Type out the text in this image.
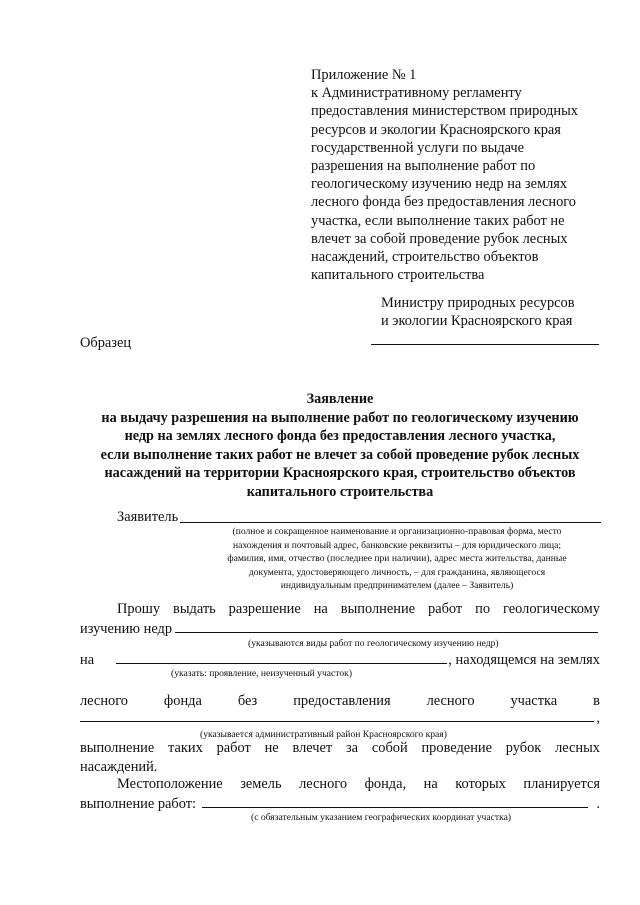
Приложение № 1
к Административному регламенту
предоставления министерством природных
ресурсов и экологии Красноярского края
государственной услуги по выдаче
разрешения на выполнение работ по
геологическому изучению недр на землях
лесного фонда без предоставления лесного
участка, если выполнение таких работ не
влечет за собой проведение рубок лесных
насаждений, строительство объектов
капитального строительства
Министру природных ресурсов
и экологии Красноярского края
Образец
Заявление
на выдачу разрешения на выполнение работ по геологическому изучению
недр на землях лесного фонда без предоставления лесного участка,
если выполнение таких работ не влечет за собой проведение рубок лесных
насаждений на территории Красноярского края, строительство объектов
капитального строительства
Заявитель
(полное и сокращенное наименование и организационно-правовая форма, место
нахождения и почтовый адрес, банковские реквизиты – для юридического лица;
фамилия, имя, отчество (последнее при наличии), адрес места жительства, данные
документа, удостоверяющего личность, – для гражданина, являющегося
индивидуальным предпринимателем (далее – Заявитель)
Прошу выдать разрешение на выполнение работ по геологическому
изучению недр
(указываются виды работ по геологическому изучению недр)
на	, находящемся на землях
(указать: проявление, неизученный участок)
лесного фонда без предоставления лесного участка в
,
(указывается административный район Красноярского края)
выполнение таких работ не влечет за собой проведение рубок лесных
насаждений.
Местоположение земель лесного фонда, на которых планируется
выполнение работ:	.
(с обязательным указанием географических координат участка)
